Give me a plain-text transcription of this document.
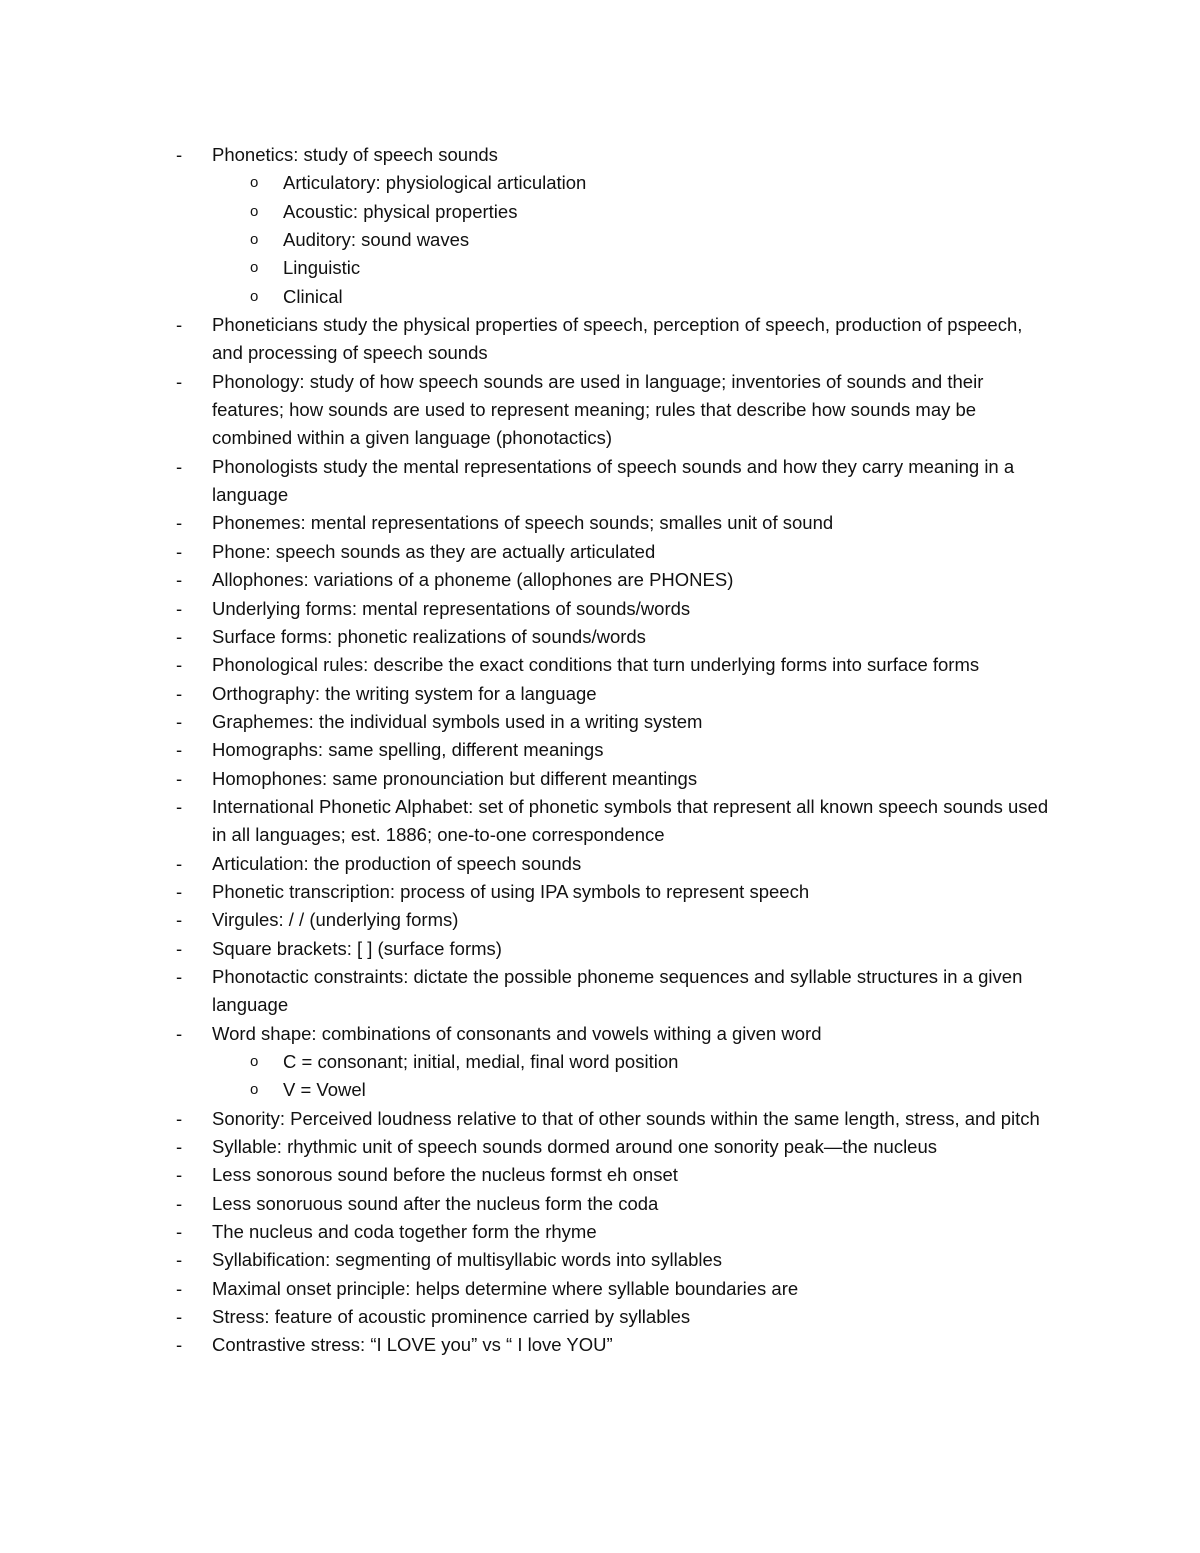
-	Phonetics: study of speech sounds
o	Articulatory: physiological articulation
o	Acoustic: physical properties
o	Auditory: sound waves
o	Linguistic
o	Clinical
-	Phoneticians study the physical properties of speech, perception of speech, production of pspeech, and processing of speech sounds
-	Phonology: study of how speech sounds are used in language; inventories of sounds and their features; how sounds are used to represent meaning; rules that describe how sounds may be combined within a given language (phonotactics)
-	Phonologists study the mental representations of speech sounds and how they carry meaning in a language
-	Phonemes: mental representations of speech sounds; smalles unit of sound
-	Phone: speech sounds as they are actually articulated
-	Allophones: variations of a phoneme (allophones are PHONES)
-	Underlying forms: mental representations of sounds/words
-	Surface forms: phonetic realizations of sounds/words
-	Phonological rules: describe the exact conditions that turn underlying forms into surface forms
-	Orthography: the writing system for a language
-	Graphemes: the individual symbols used in a writing system
-	Homographs: same spelling, different meanings
-	Homophones: same pronounciation but different meantings
-	International Phonetic Alphabet: set of phonetic symbols that represent all known speech sounds used in all languages; est. 1886; one-to-one correspondence
-	Articulation: the production of speech sounds
-	Phonetic transcription: process of using IPA symbols to represent speech
-	Virgules: / / (underlying forms)
-	Square brackets: [ ] (surface forms)
-	Phonotactic constraints: dictate the possible phoneme sequences and syllable structures in a given language
-	Word shape: combinations of consonants and vowels withing a given word
o	C = consonant; initial, medial, final word position
o	V = Vowel
-	Sonority: Perceived loudness relative to that of other sounds within the same length, stress, and pitch
-	Syllable: rhythmic unit of speech sounds dormed around one sonority peak—the nucleus
-	Less sonorous sound before the nucleus formst eh onset
-	Less sonoruous sound after the nucleus form the coda
-	The nucleus and coda together form the rhyme
-	Syllabification: segmenting of multisyllabic words into syllables
-	Maximal onset principle: helps determine where syllable boundaries are
-	Stress: feature of acoustic prominence carried by syllables
-	Contrastive stress: “I LOVE you” vs “ I love YOU”
